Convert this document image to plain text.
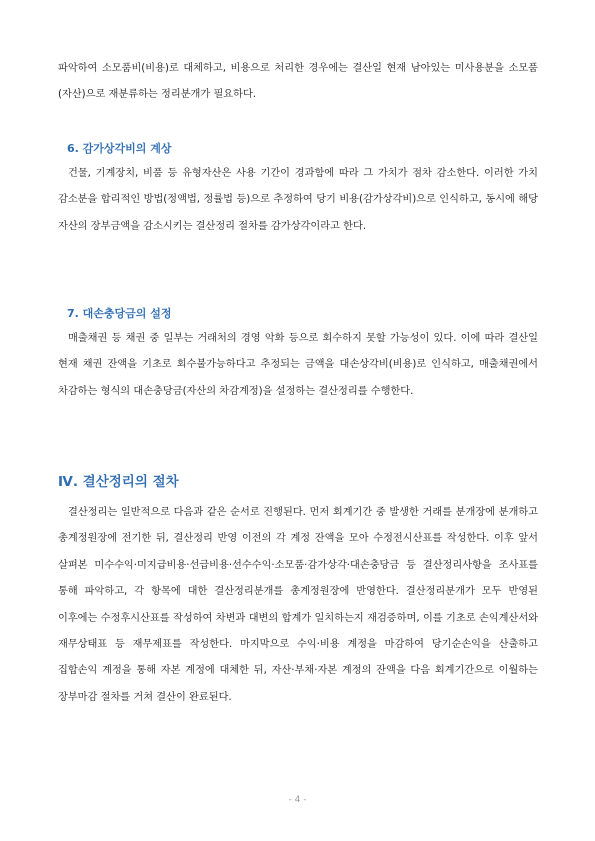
파악하여 소모품비(비용)로 대체하고, 비용으로 처리한 경우에는 결산일 현재 남아있는 미사용분을 소모품(자산)으로 재분류하는 정리분개가 필요하다.

6. 감가상각비의 계상

건물, 기계장치, 비품 등 유형자산은 사용 기간이 경과함에 따라 그 가치가 점차 감소한다. 이러한 가치 감소분을 합리적인 방법(정액법, 정률법 등)으로 추정하여 당기 비용(감가상각비)으로 인식하고, 동시에 해당 자산의 장부금액을 감소시키는 결산정리 절차를 감가상각이라고 한다.

7. 대손충당금의 설정

매출채권 등 채권 중 일부는 거래처의 경영 악화 등으로 회수하지 못할 가능성이 있다. 이에 따라 결산일 현재 채권 잔액을 기초로 회수불가능하다고 추정되는 금액을 대손상각비(비용)로 인식하고, 매출채권에서 차감하는 형식의 대손충당금(자산의 차감계정)을 설정하는 결산정리를 수행한다.

Ⅳ. 결산정리의 절차

결산정리는 일반적으로 다음과 같은 순서로 진행된다. 먼저 회계기간 중 발생한 거래를 분개장에 분개하고 총계정원장에 전기한 뒤, 결산정리 반영 이전의 각 계정 잔액을 모아 수정전시산표를 작성한다. 이후 앞서 살펴본 미수수익·미지급비용·선급비용·선수수익·소모품·감가상각·대손충당금 등 결산정리사항을 조사표를 통해 파악하고, 각 항목에 대한 결산정리분개를 총계정원장에 반영한다. 결산정리분개가 모두 반영된 이후에는 수정후시산표를 작성하여 차변과 대변의 합계가 일치하는지 재검증하며, 이를 기초로 손익계산서와 재무상태표 등 재무제표를 작성한다. 마지막으로 수익·비용 계정을 마감하여 당기순손익을 산출하고 집합손익 계정을 통해 자본 계정에 대체한 뒤, 자산·부채·자본 계정의 잔액을 다음 회계기간으로 이월하는 장부마감 절차를 거쳐 결산이 완료된다.

- 4 -
